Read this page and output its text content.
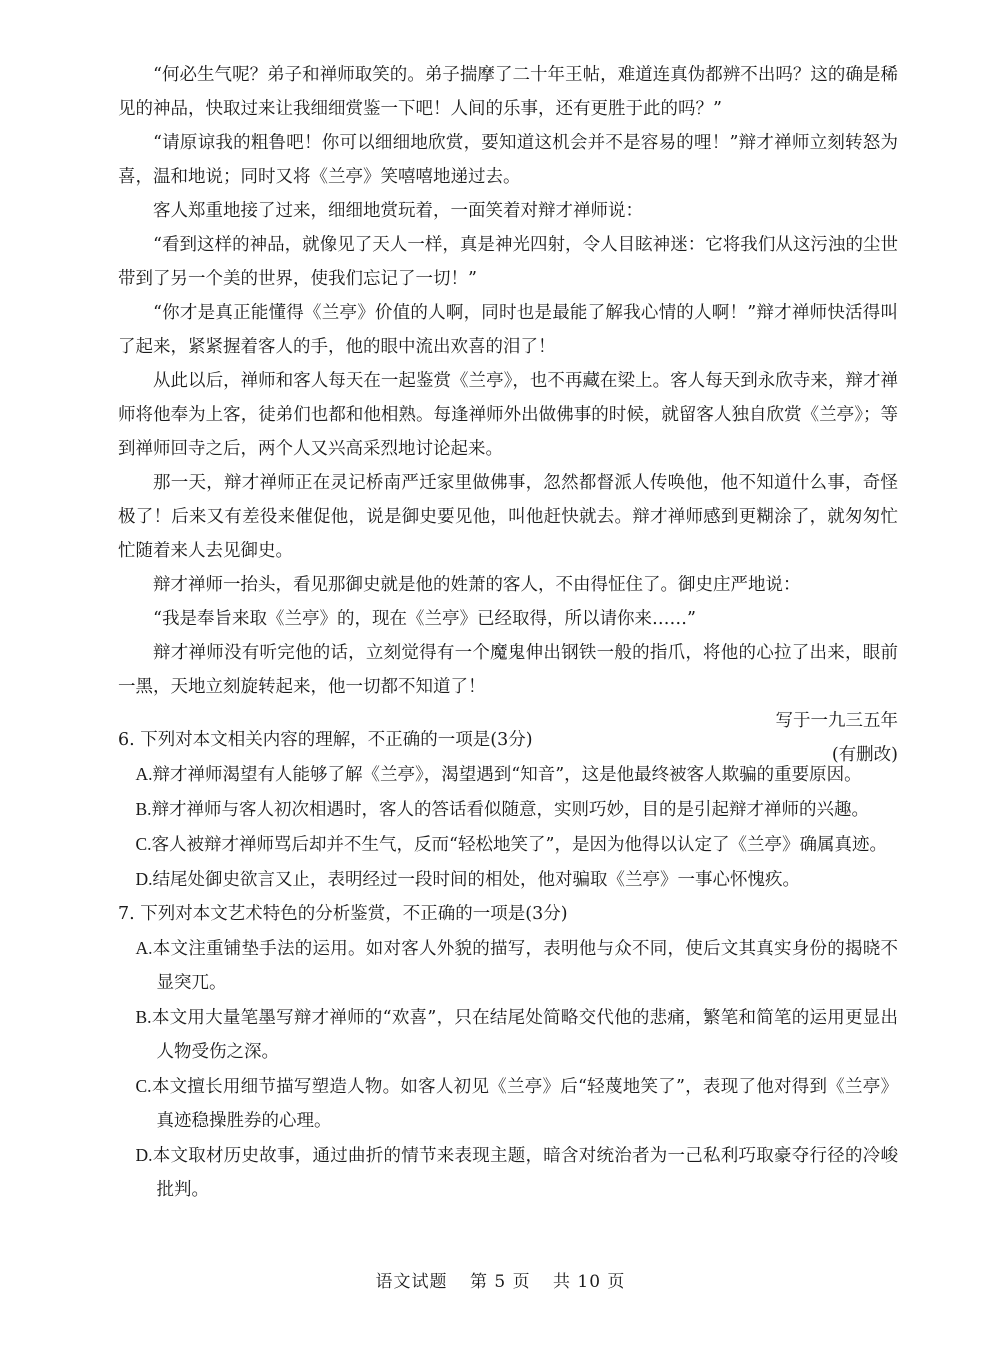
“何必生气呢？弟子和禅师取笑的。弟子揣摩了二十年王帖，难道连真伪都辨不出吗？这的确是稀见的神品，快取过来让我细细赏鉴一下吧！人间的乐事，还有更胜于此的吗？”

“请原谅我的粗鲁吧！你可以细细地欣赏，要知道这机会并不是容易的哩！”辩才禅师立刻转怒为喜，温和地说；同时又将《兰亭》笑嘻嘻地递过去。

客人郑重地接了过来，细细地赏玩着，一面笑着对辩才禅师说：

“看到这样的神品，就像见了天人一样，真是神光四射，令人目眩神迷：它将我们从这污浊的尘世带到了另一个美的世界，使我们忘记了一切！”

“你才是真正能懂得《兰亭》价值的人啊，同时也是最能了解我心情的人啊！”辩才禅师快活得叫了起来，紧紧握着客人的手，他的眼中流出欢喜的泪了！

从此以后，禅师和客人每天在一起鉴赏《兰亭》，也不再藏在梁上。客人每天到永欣寺来，辩才禅师将他奉为上客，徒弟们也都和他相熟。每逢禅师外出做佛事的时候，就留客人独自欣赏《兰亭》；等到禅师回寺之后，两个人又兴高采烈地讨论起来。

那一天，辩才禅师正在灵记桥南严迁家里做佛事，忽然都督派人传唤他，他不知道什么事，奇怪极了！后来又有差役来催促他，说是御史要见他，叫他赶快就去。辩才禅师感到更糊涂了，就匆匆忙忙随着来人去见御史。

辩才禅师一抬头，看见那御史就是他的姓萧的客人，不由得怔住了。御史庄严地说：

“我是奉旨来取《兰亭》的，现在《兰亭》已经取得，所以请你来……”

辩才禅师没有听完他的话，立刻觉得有一个魔鬼伸出钢铁一般的指爪，将他的心拉了出来，眼前一黑，天地立刻旋转起来，他一切都不知道了！

写于一九三五年

(有删改)

6. 下列对本文相关内容的理解，不正确的一项是(3分)

A.辩才禅师渴望有人能够了解《兰亭》，渴望遇到“知音”，这是他最终被客人欺骗的重要原因。

B.辩才禅师与客人初次相遇时，客人的答话看似随意，实则巧妙，目的是引起辩才禅师的兴趣。

C.客人被辩才禅师骂后却并不生气，反而“轻松地笑了”，是因为他得以认定了《兰亭》确属真迹。

D.结尾处御史欲言又止，表明经过一段时间的相处，他对骗取《兰亭》一事心怀愧疚。

7. 下列对本文艺术特色的分析鉴赏，不正确的一项是(3分)

A.本文注重铺垫手法的运用。如对客人外貌的描写，表明他与众不同，使后文其真实身份的揭晓不显突兀。

B.本文用大量笔墨写辩才禅师的“欢喜”，只在结尾处简略交代他的悲痛，繁笔和简笔的运用更显出人物受伤之深。

C.本文擅长用细节描写塑造人物。如客人初见《兰亭》后“轻蔑地笑了”，表现了他对得到《兰亭》真迹稳操胜券的心理。

D.本文取材历史故事，通过曲折的情节来表现主题，暗含对统治者为一己私利巧取豪夺行径的冷峻批判。

语文试题 第 5 页 共 10 页
